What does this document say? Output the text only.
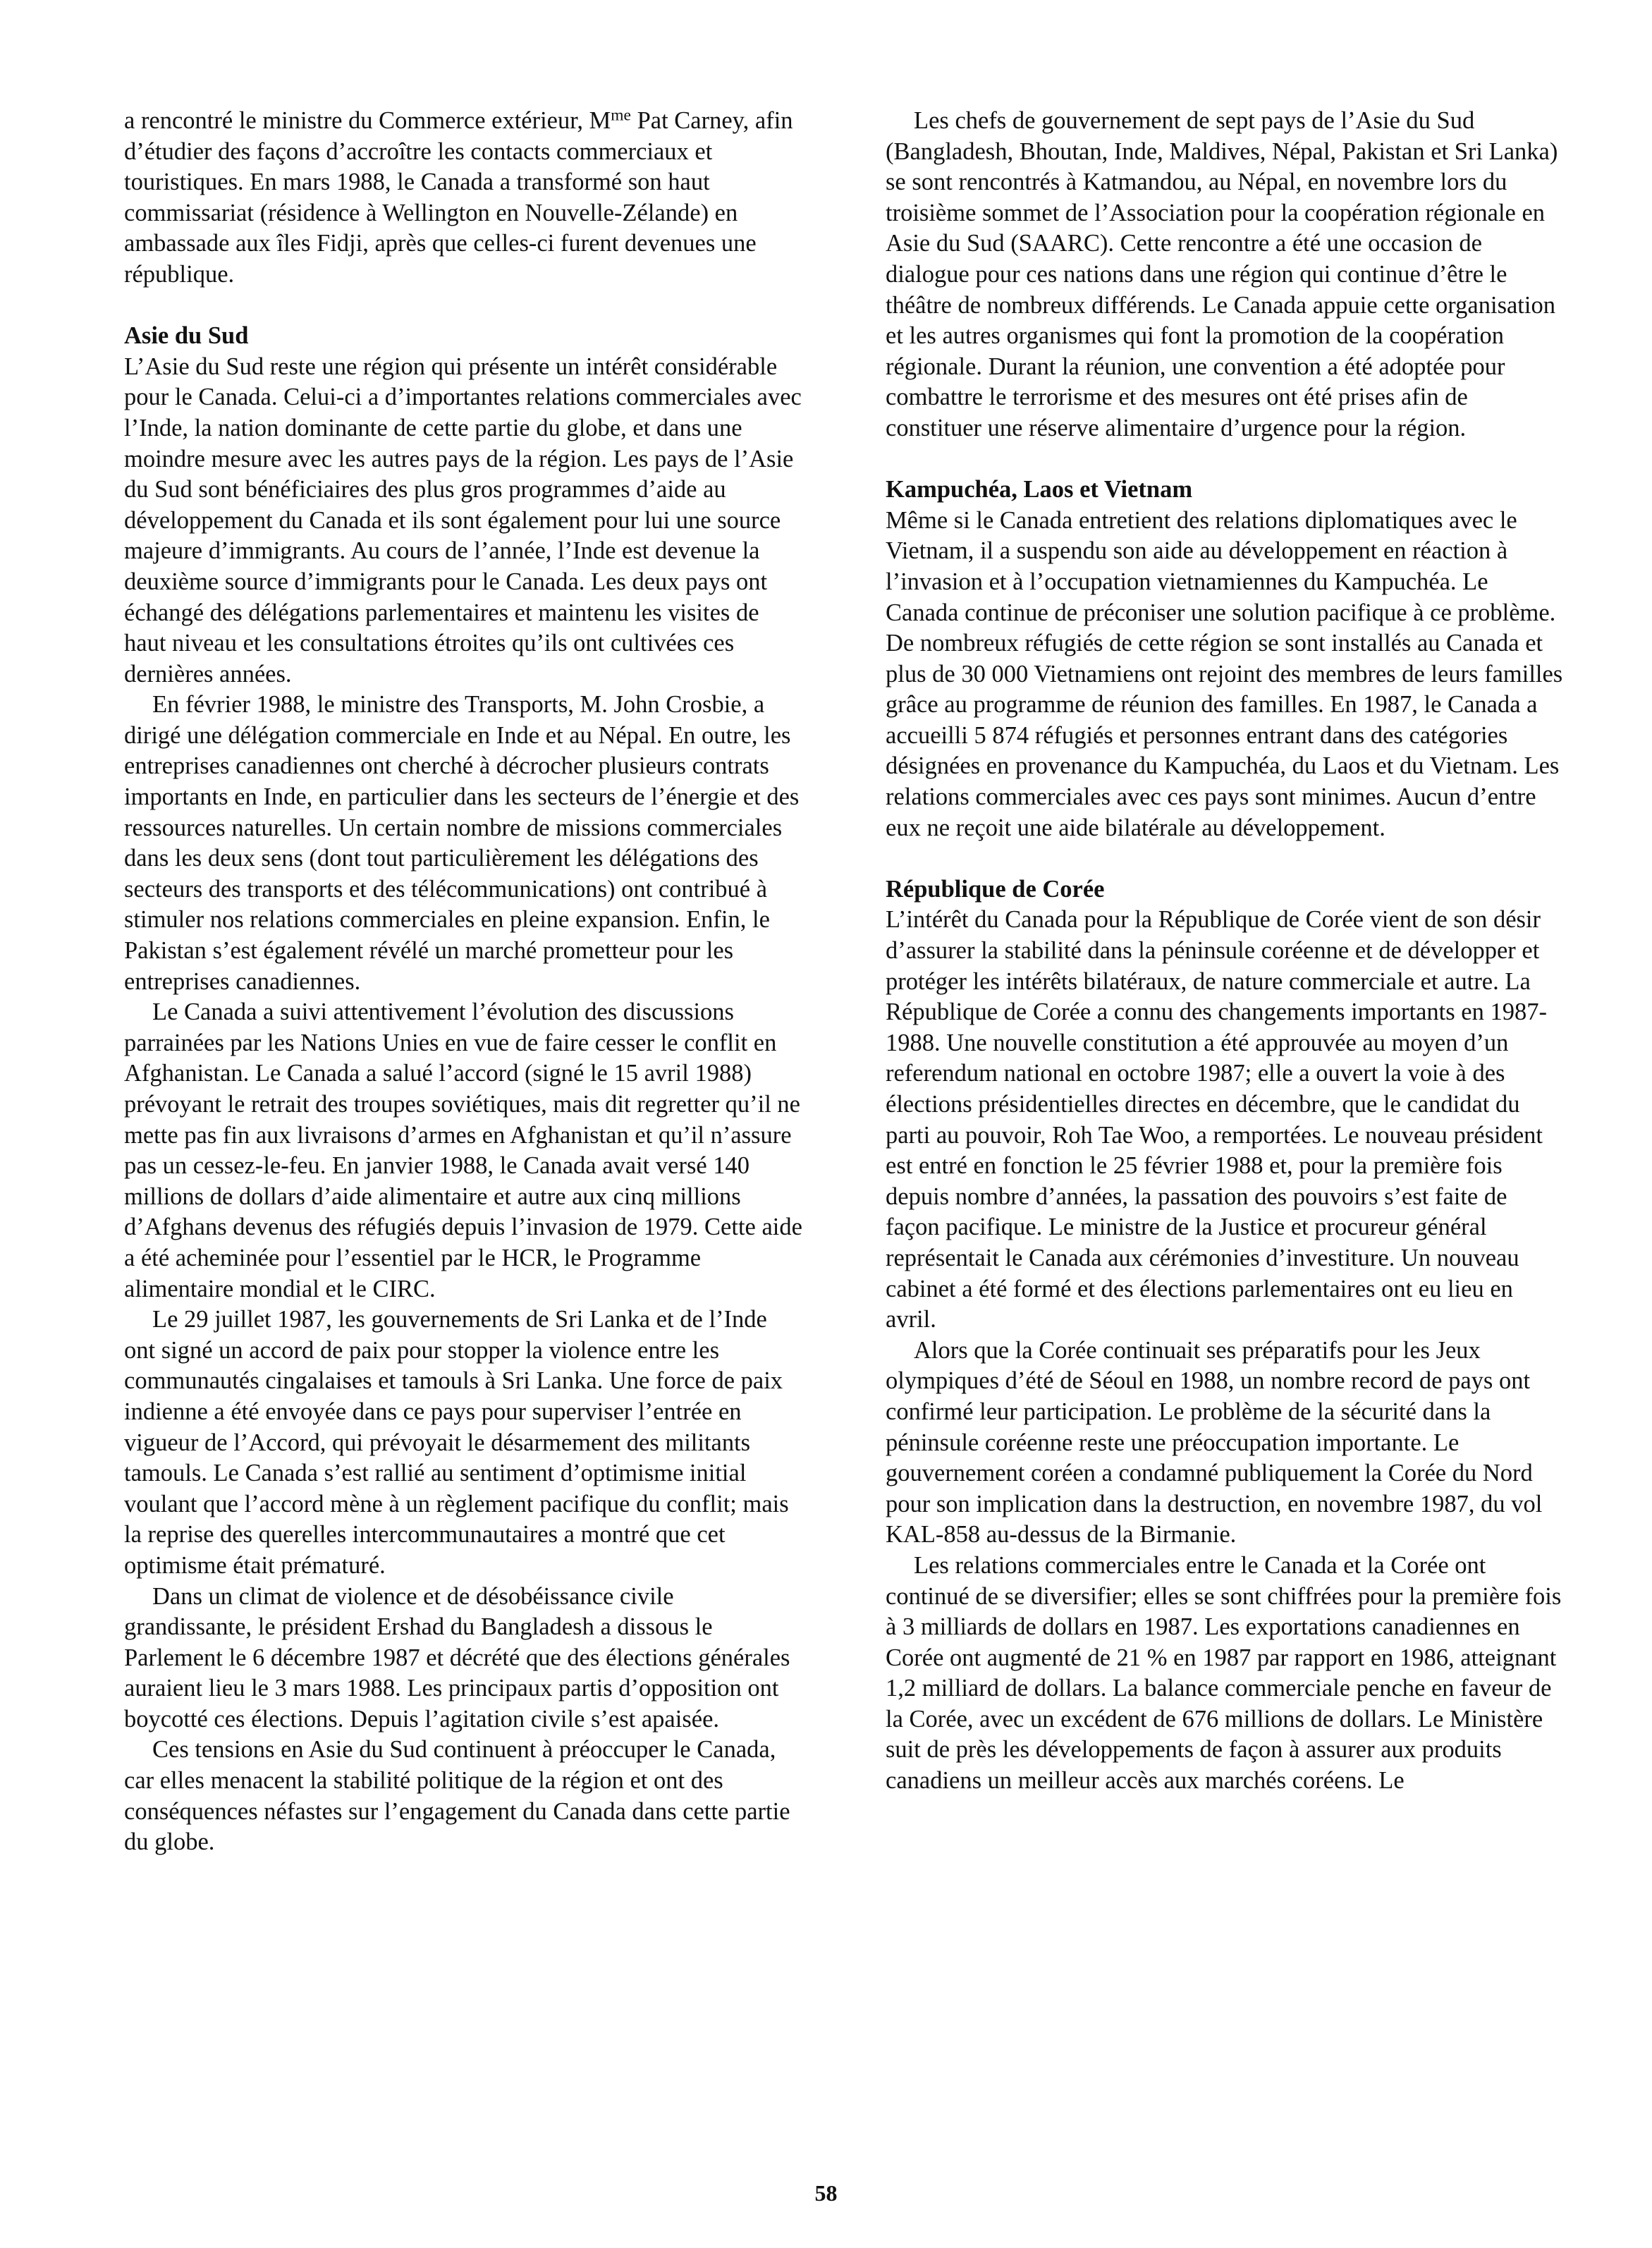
a rencontré le ministre du Commerce extérieur, $M^{me}$ Pat Carney, afin d’étudier des façons d’accroître les contacts commerciaux et touristiques. En mars 1988, le Canada a transformé son haut commissariat (résidence à Wellington en Nouvelle-Zélande) en ambassade aux îles Fidji, après que celles-ci furent devenues une république.

Asie du Sud

L’Asie du Sud reste une région qui présente un intérêt considérable pour le Canada. Celui-ci a d’importantes relations commerciales avec l’Inde, la nation dominante de cette partie du globe, et dans une moindre mesure avec les autres pays de la région. Les pays de l’Asie du Sud sont bénéficiaires des plus gros programmes d’aide au développement du Canada et ils sont également pour lui une source majeure d’immigrants. Au cours de l’année, l’Inde est devenue la deuxième source d’immigrants pour le Canada. Les deux pays ont échangé des délégations parlementaires et maintenu les visites de haut niveau et les consultations étroites qu’ils ont cultivées ces dernières années.

En février 1988, le ministre des Transports, M. John Crosbie, a dirigé une délégation commerciale en Inde et au Népal. En outre, les entreprises canadiennes ont cherché à décrocher plusieurs contrats importants en Inde, en particulier dans les secteurs de l’énergie et des ressources naturelles. Un certain nombre de missions commerciales dans les deux sens (dont tout particulièrement les délégations des secteurs des transports et des télécommunications) ont contribué à stimuler nos relations commerciales en pleine expansion. Enfin, le Pakistan s’est également révélé un marché prometteur pour les entreprises canadiennes.

Le Canada a suivi attentivement l’évolution des discussions parrainées par les Nations Unies en vue de faire cesser le conflit en Afghanistan. Le Canada a salué l’accord (signé le 15 avril 1988) prévoyant le retrait des troupes soviétiques, mais dit regretter qu’il ne mette pas fin aux livraisons d’armes en Afghanistan et qu’il n’assure pas un cessez-le-feu. En janvier 1988, le Canada avait versé 140 millions de dollars d’aide alimentaire et autre aux cinq millions d’Afghans devenus des réfugiés depuis l’invasion de 1979. Cette aide a été acheminée pour l’essentiel par le HCR, le Programme alimentaire mondial et le CIRC.

Le 29 juillet 1987, les gouvernements de Sri Lanka et de l’Inde ont signé un accord de paix pour stopper la violence entre les communautés cingalaises et tamouls à Sri Lanka. Une force de paix indienne a été envoyée dans ce pays pour superviser l’entrée en vigueur de l’Accord, qui prévoyait le désarmement des militants tamouls. Le Canada s’est rallié au sentiment d’optimisme initial voulant que l’accord mène à un règlement pacifique du conflit; mais la reprise des querelles intercommunautaires a montré que cet optimisme était prématuré.

Dans un climat de violence et de désobéissance civile grandissante, le président Ershad du Bangladesh a dissous le Parlement le 6 décembre 1987 et décrété que des élections générales auraient lieu le 3 mars 1988. Les principaux partis d’opposition ont boycotté ces élections. Depuis l’agitation civile s’est apaisée.

Ces tensions en Asie du Sud continuent à préoccuper le Canada, car elles menacent la stabilité politique de la région et ont des conséquences néfastes sur l’engagement du Canada dans cette partie du globe.

Les chefs de gouvernement de sept pays de l’Asie du Sud (Bangladesh, Bhoutan, Inde, Maldives, Népal, Pakistan et Sri Lanka) se sont rencontrés à Katmandou, au Népal, en novembre lors du troisième sommet de l’Association pour la coopération régionale en Asie du Sud (SAARC). Cette rencontre a été une occasion de dialogue pour ces nations dans une région qui continue d’être le théâtre de nombreux différends. Le Canada appuie cette organisation et les autres organismes qui font la promotion de la coopération régionale. Durant la réunion, une convention a été adoptée pour combattre le terrorisme et des mesures ont été prises afin de constituer une réserve alimentaire d’urgence pour la région.

Kampuchéa, Laos et Vietnam

Même si le Canada entretient des relations diplomatiques avec le Vietnam, il a suspendu son aide au développement en réaction à l’invasion et à l’occupation vietnamiennes du Kampuchéa. Le Canada continue de préconiser une solution pacifique à ce problème. De nombreux réfugiés de cette région se sont installés au Canada et plus de 30 000 Vietnamiens ont rejoint des membres de leurs familles grâce au programme de réunion des familles. En 1987, le Canada a accueilli 5 874 réfugiés et personnes entrant dans des catégories désignées en provenance du Kampuchéa, du Laos et du Vietnam. Les relations commerciales avec ces pays sont minimes. Aucun d’entre eux ne reçoit une aide bilatérale au développement.

République de Corée

L’intérêt du Canada pour la République de Corée vient de son désir d’assurer la stabilité dans la péninsule coréenne et de développer et protéger les intérêts bilatéraux, de nature commerciale et autre. La République de Corée a connu des changements importants en 1987-1988. Une nouvelle constitution a été approuvée au moyen d’un referendum national en octobre 1987; elle a ouvert la voie à des élections présidentielles directes en décembre, que le candidat du parti au pouvoir, Roh Tae Woo, a remportées. Le nouveau président est entré en fonction le 25 février 1988 et, pour la première fois depuis nombre d’années, la passation des pouvoirs s’est faite de façon pacifique. Le ministre de la Justice et procureur général représentait le Canada aux cérémonies d’investiture. Un nouveau cabinet a été formé et des élections parlementaires ont eu lieu en avril.

Alors que la Corée continuait ses préparatifs pour les Jeux olympiques d’été de Séoul en 1988, un nombre record de pays ont confirmé leur participation. Le problème de la sécurité dans la péninsule coréenne reste une préoccupation importante. Le gouvernement coréen a condamné publiquement la Corée du Nord pour son implication dans la destruction, en novembre 1987, du vol KAL-858 au-dessus de la Birmanie.

Les relations commerciales entre le Canada et la Corée ont continué de se diversifier; elles se sont chiffrées pour la première fois à 3 milliards de dollars en 1987. Les exportations canadiennes en Corée ont augmenté de 21 % en 1987 par rapport en 1986, atteignant 1,2 milliard de dollars. La balance commerciale penche en faveur de la Corée, avec un excédent de 676 millions de dollars. Le Ministère suit de près les développements de façon à assurer aux produits canadiens un meilleur accès aux marchés coréens. Le

58
